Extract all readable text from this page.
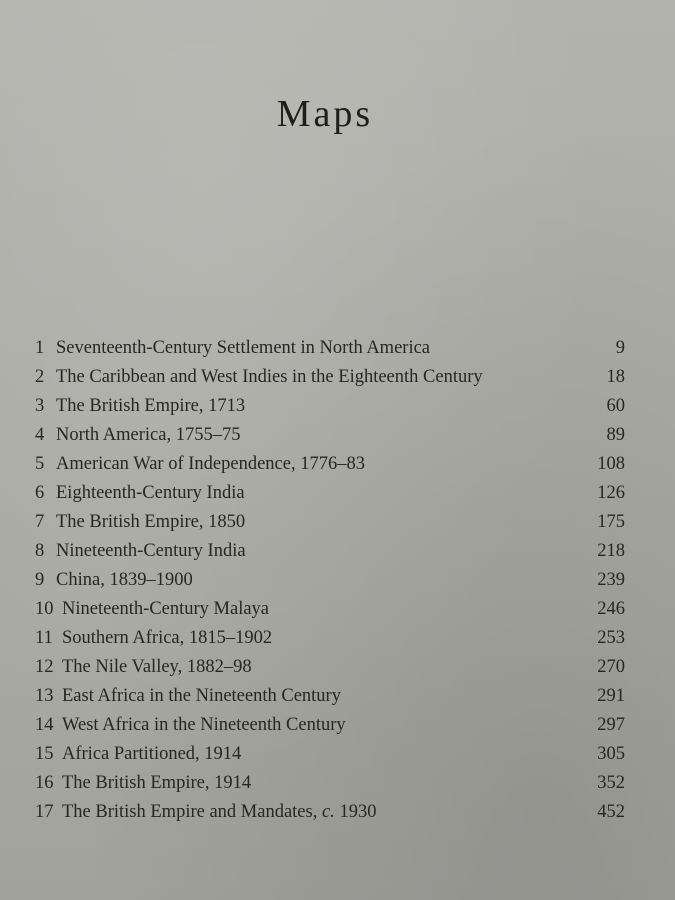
Maps
1 Seventeenth-Century Settlement in North America	9
2 The Caribbean and West Indies in the Eighteenth Century	18
3 The British Empire, 1713	60
4 North America, 1755–75	89
5 American War of Independence, 1776–83	108
6 Eighteenth-Century India	126
7 The British Empire, 1850	175
8 Nineteenth-Century India	218
9 China, 1839–1900	239
10 Nineteenth-Century Malaya	246
11 Southern Africa, 1815–1902	253
12 The Nile Valley, 1882–98	270
13 East Africa in the Nineteenth Century	291
14 West Africa in the Nineteenth Century	297
15 Africa Partitioned, 1914	305
16 The British Empire, 1914	352
17 The British Empire and Mandates, c. 1930	452
